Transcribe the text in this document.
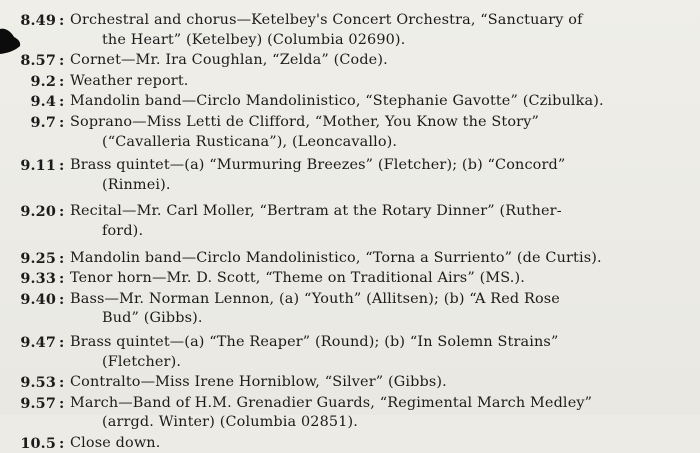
8.49 : Orchestral and chorus—Ketelbey's Concert Orchestra, “Sanctuary of
the Heart” (Ketelbey) (Columbia 02690).
8.57 : Cornet—Mr. Ira Coughlan, “Zelda” (Code).
9.2 : Weather report.
9.4 : Mandolin band—Circlo Mandolinistico, “Stephanie Gavotte” (Czibulka).
9.7 : Soprano—Miss Letti de Clifford, “Mother, You Know the Story”
(“Cavalleria Rusticana”), (Leoncavallo).
9.11 : Brass quintet—(a) “Murmuring Breezes” (Fletcher); (b) “Concord”
(Rinmei).
9.20 : Recital—Mr. Carl Moller, “Bertram at the Rotary Dinner” (Ruther-
ford).
9.25 : Mandolin band—Circlo Mandolinistico, “Torna a Surriento” (de Curtis).
9.33 : Tenor horn—Mr. D. Scott, “Theme on Traditional Airs” (MS.).
9.40 : Bass—Mr. Norman Lennon, (a) “Youth” (Allitsen); (b) “A Red Rose
Bud” (Gibbs).
9.47 : Brass quintet—(a) “The Reaper” (Round); (b) “In Solemn Strains”
(Fletcher).
9.53 : Contralto—Miss Irene Horniblow, “Silver” (Gibbs).
9.57 : March—Band of H.M. Grenadier Guards, “Regimental March Medley”
(arrgd. Winter) (Columbia 02851).
10.5 : Close down.
